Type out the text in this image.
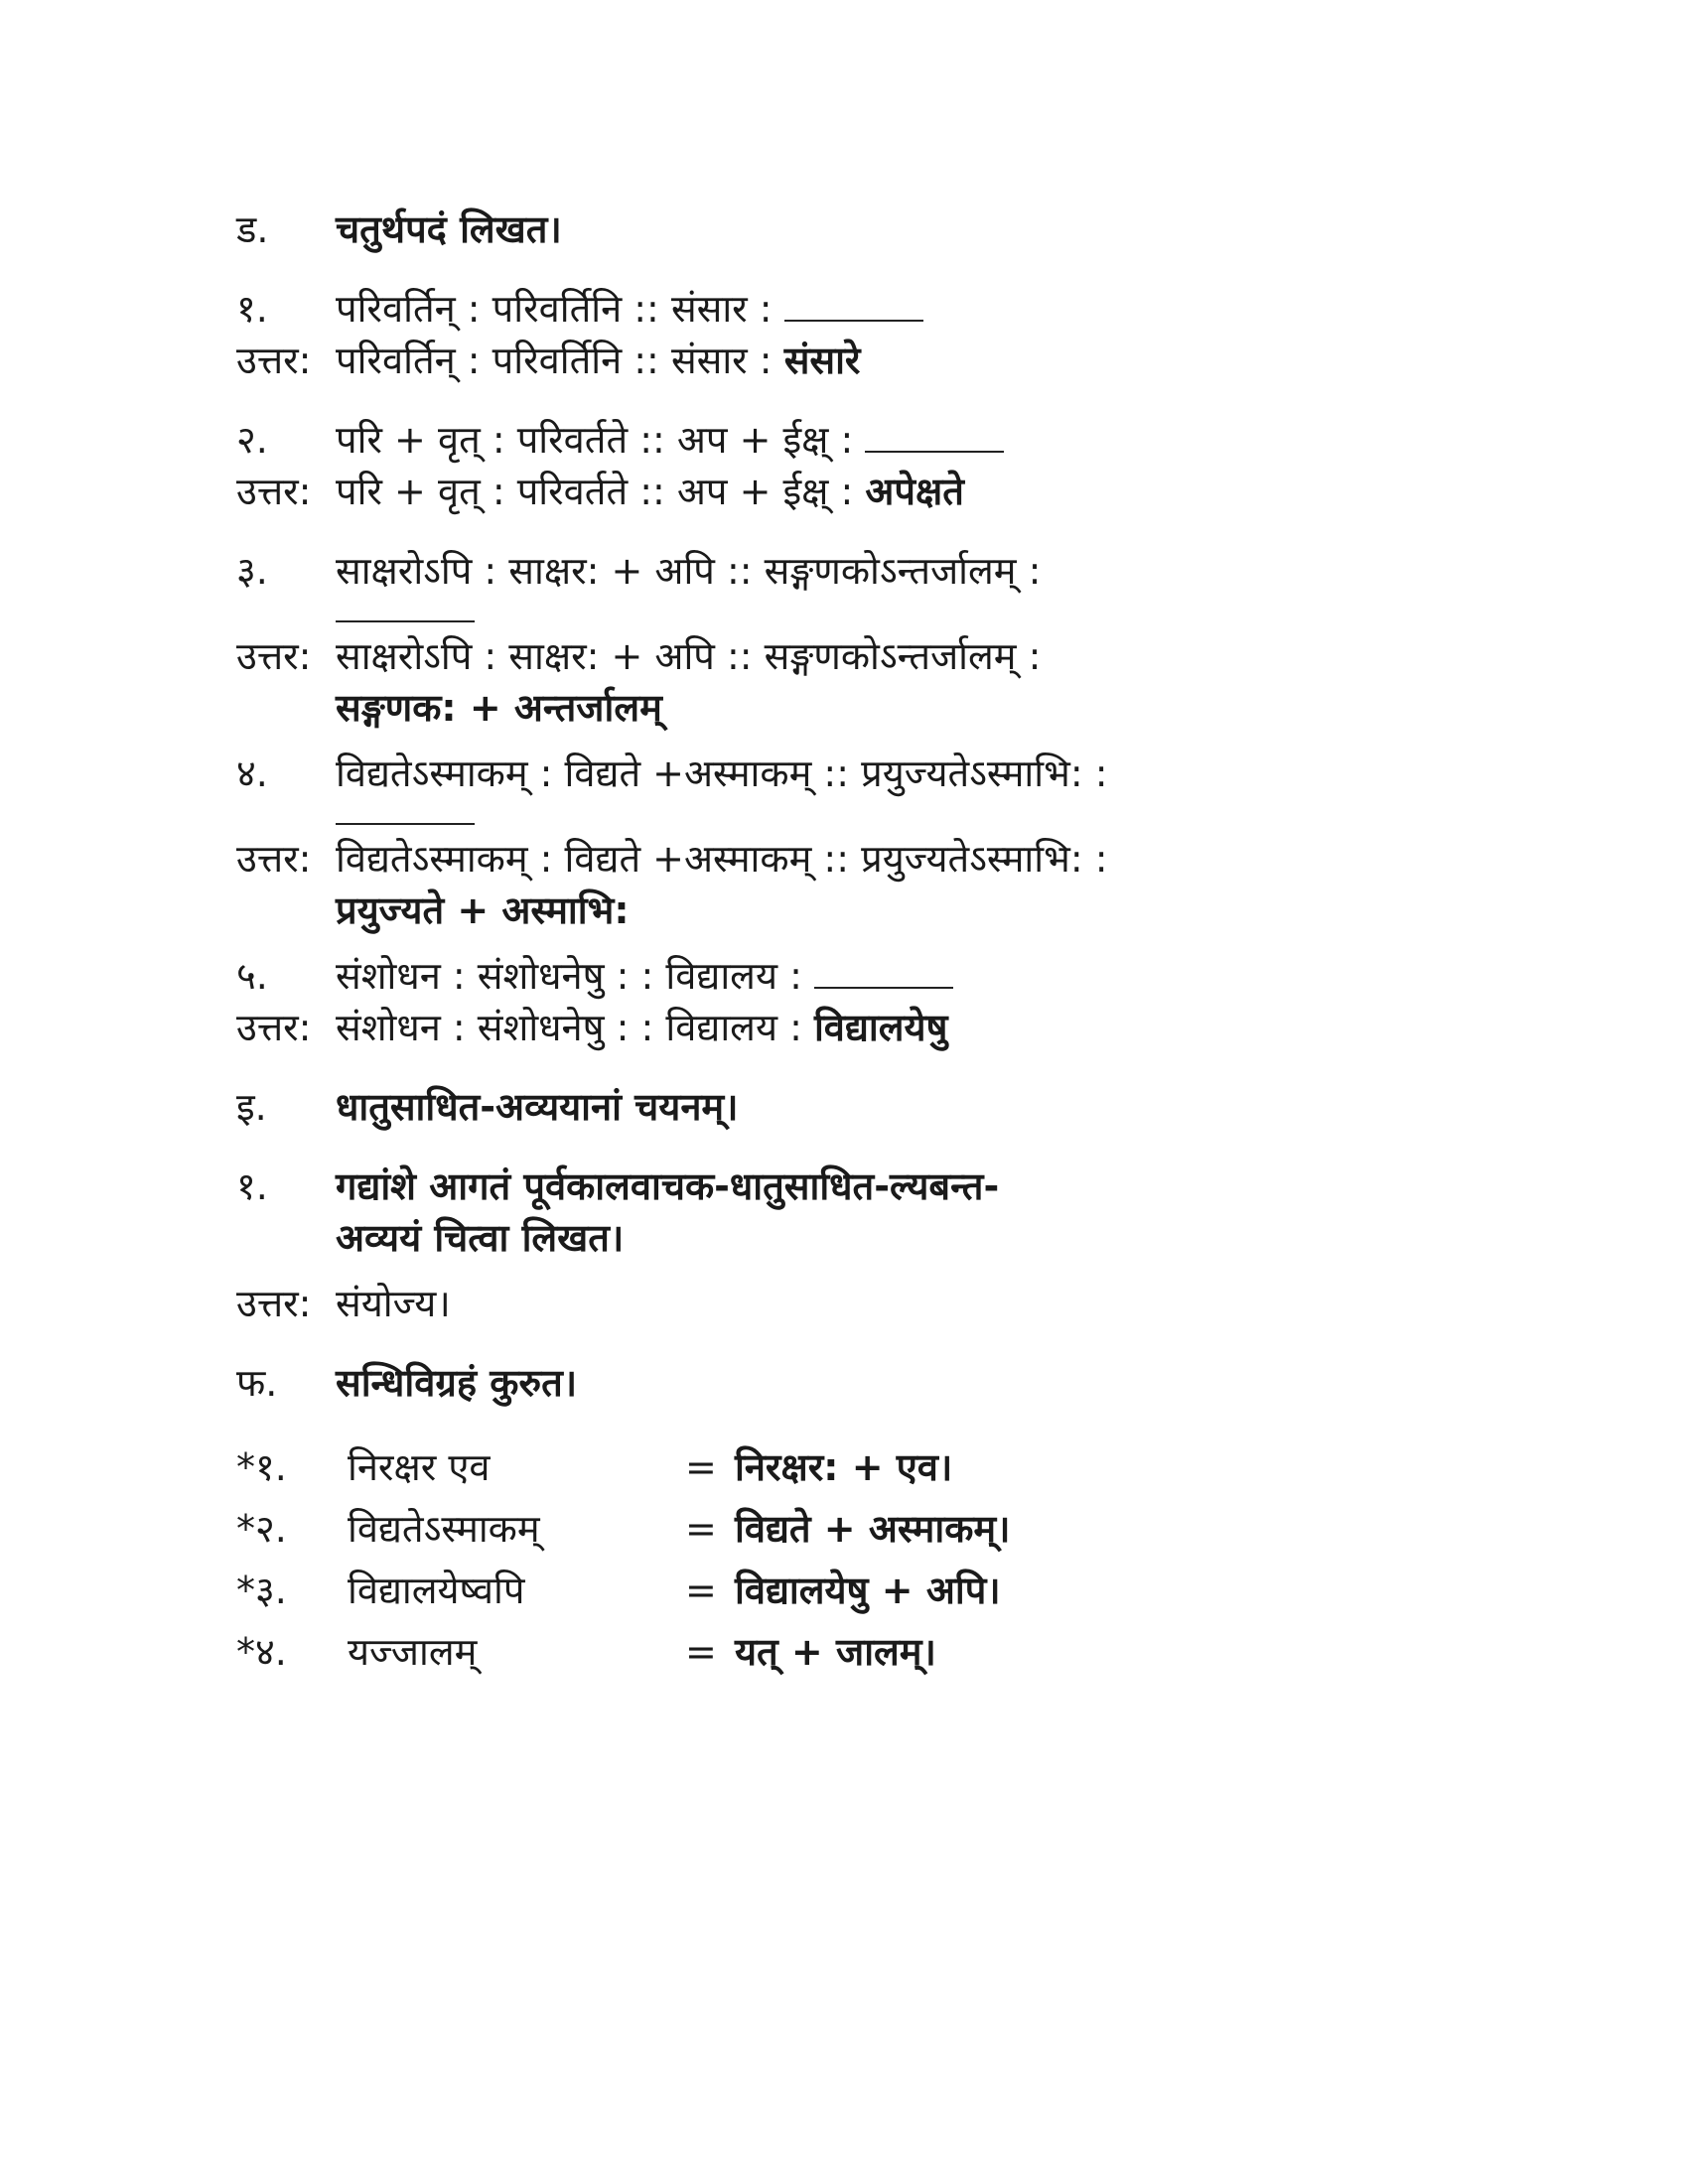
ड.	चतुर्थपदं लिखत।
१.	परिवर्तिन् : परिवर्तिनि :: संसार :
उत्तर: परिवर्तिन् : परिवर्तिनि :: संसार : संसारे
२.	परि + वृत् : परिवर्तते :: अप + ईक्ष् :
उत्तर: परि + वृत् : परिवर्तते :: अप + ईक्ष् : अपेक्षते
३.	साक्षरोऽपि : साक्षर: + अपि :: सङ्गणकोऽन्तर्जालम् :
उत्तर: साक्षरोऽपि : साक्षर: + अपि :: सङ्गणकोऽन्तर्जालम् :
सङ्गणक: + अन्तर्जालम्
४.	विद्यतेऽस्माकम् : विद्यते +अस्माकम् :: प्रयुज्यतेऽस्माभि: :
उत्तर: विद्यतेऽस्माकम् : विद्यते +अस्माकम् :: प्रयुज्यतेऽस्माभि: :
प्रयुज्यते + अस्माभि:
५.	संशोधन : संशोधनेषु : : विद्यालय :
उत्तर: संशोधन : संशोधनेषु : : विद्यालय : विद्यालयेषु
इ.	धातुसाधित-अव्ययानां चयनम्।
१.	गद्यांशे आगतं पूर्वकालवाचक-धातुसाधित-ल्यबन्त-
अव्ययं चित्वा लिखत।
उत्तर: संयोज्य।
फ.	सन्धिविग्रहं कुरुत।
*१.	निरक्षर एव	= निरक्षर: + एव।
*२.	विद्यतेऽस्माकम्	= विद्यते + अस्माकम्।
*३.	विद्यालयेष्वपि	= विद्यालयेषु + अपि।
*४.	यज्जालम्	= यत् + जालम्।
